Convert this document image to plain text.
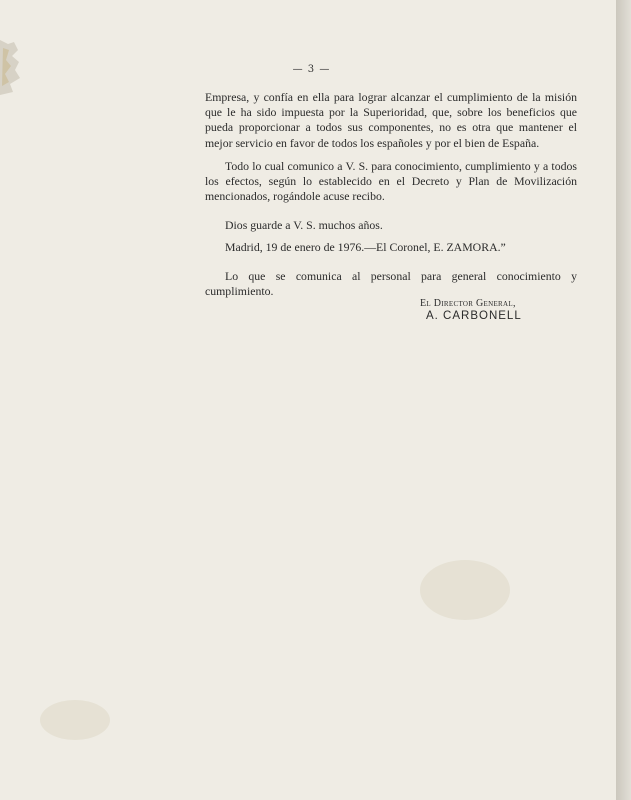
— 3 —

Empresa, y confía en ella para lograr alcanzar el cumplimiento de la misión que le ha sido impuesta por la Superioridad, que, sobre los beneficios que pueda proporcionar a todos sus componentes, no es otra que mantener el mejor servicio en favor de todos los españoles y por el bien de España.

Todo lo cual comunico a V. S. para conocimiento, cumplimiento y a todos los efectos, según lo establecido en el Decreto y Plan de Movilización mencionados, rogándole acuse recibo.

Dios guarde a V. S. muchos años.

Madrid, 19 de enero de 1976.—El Coronel, E. ZAMORA.”

Lo que se comunica al personal para general conocimiento y cumplimiento.

El Director General,
A. CARBONELL
